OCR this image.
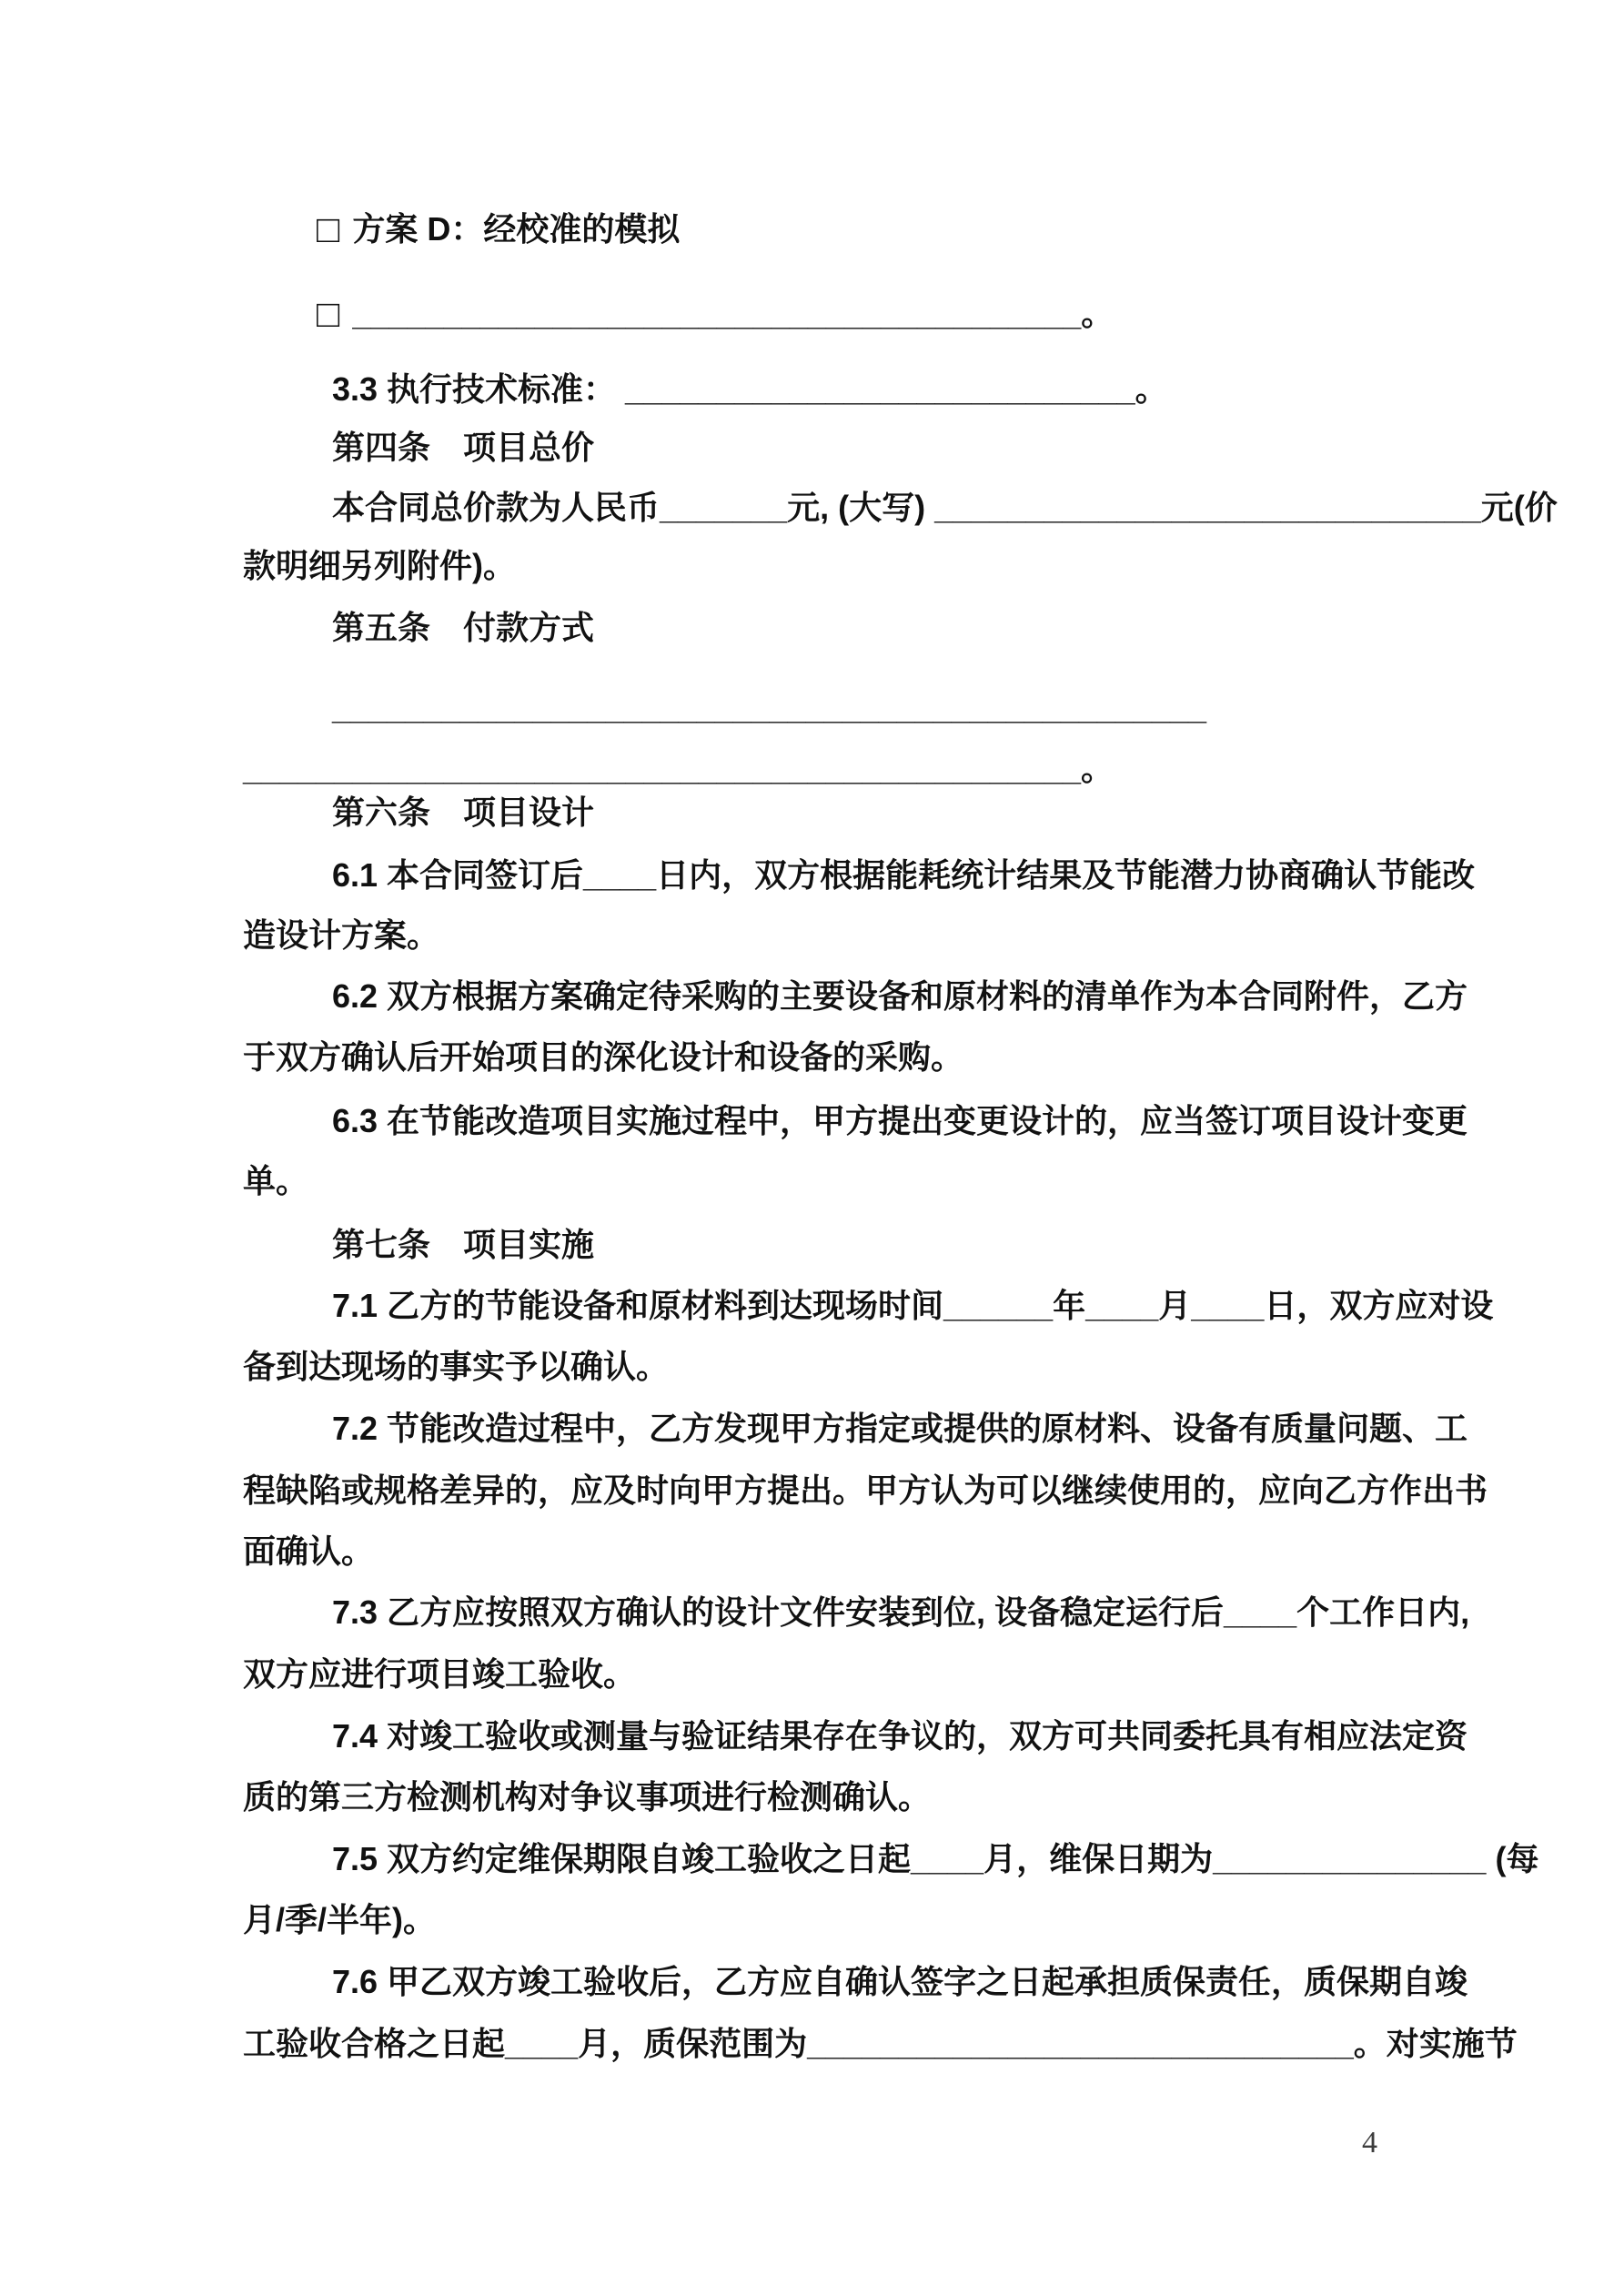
□ 方案 D：经校准的模拟
□ ________________________________________。
3.3 执行技术标准： ____________________________。
第四条　项目总价
本合同总价款为人民币_______元, (大写) ______________________________元(价
款明细另列附件)。
第五条　付款方式
________________________________________________
______________________________________________。
第六条　项目设计
6.1 本合同签订后____日内，双方根据能耗统计结果及节能潜力协商确认节能改
造设计方案。
6.2 双方根据方案确定待采购的主要设备和原材料的清单作为本合同附件，乙方
于双方确认后开始项目的深化设计和设备的采购。
6.3 在节能改造项目实施过程中，甲方提出变更设计的，应当签订项目设计变更
单。
第七条　项目实施
7.1 乙方的节能设备和原材料到达现场时间______年____月____日，双方应对设
备到达现场的事实予以确认。
7.2 节能改造过程中，乙方发现甲方指定或提供的原材料、设备有质量问题、工
程缺陷或规格差异的，应及时向甲方提出。甲方认为可以继续使用的，应向乙方作出书
面确认。
7.3 乙方应按照双方确认的设计文件安装到位, 设备稳定运行后____个工作日内,
双方应进行项目竣工验收。
7.4 对竣工验收或测量与验证结果存在争议的，双方可共同委托具有相应法定资
质的第三方检测机构对争议事项进行检测确认。
7.5 双方约定维保期限自竣工验收之日起____月，维保日期为_______________ (每
月/季/半年)。
7.6 甲乙双方竣工验收后，乙方应自确认签字之日起承担质保责任，质保期自竣
工验收合格之日起____月，质保范围为______________________________。对实施节
4
